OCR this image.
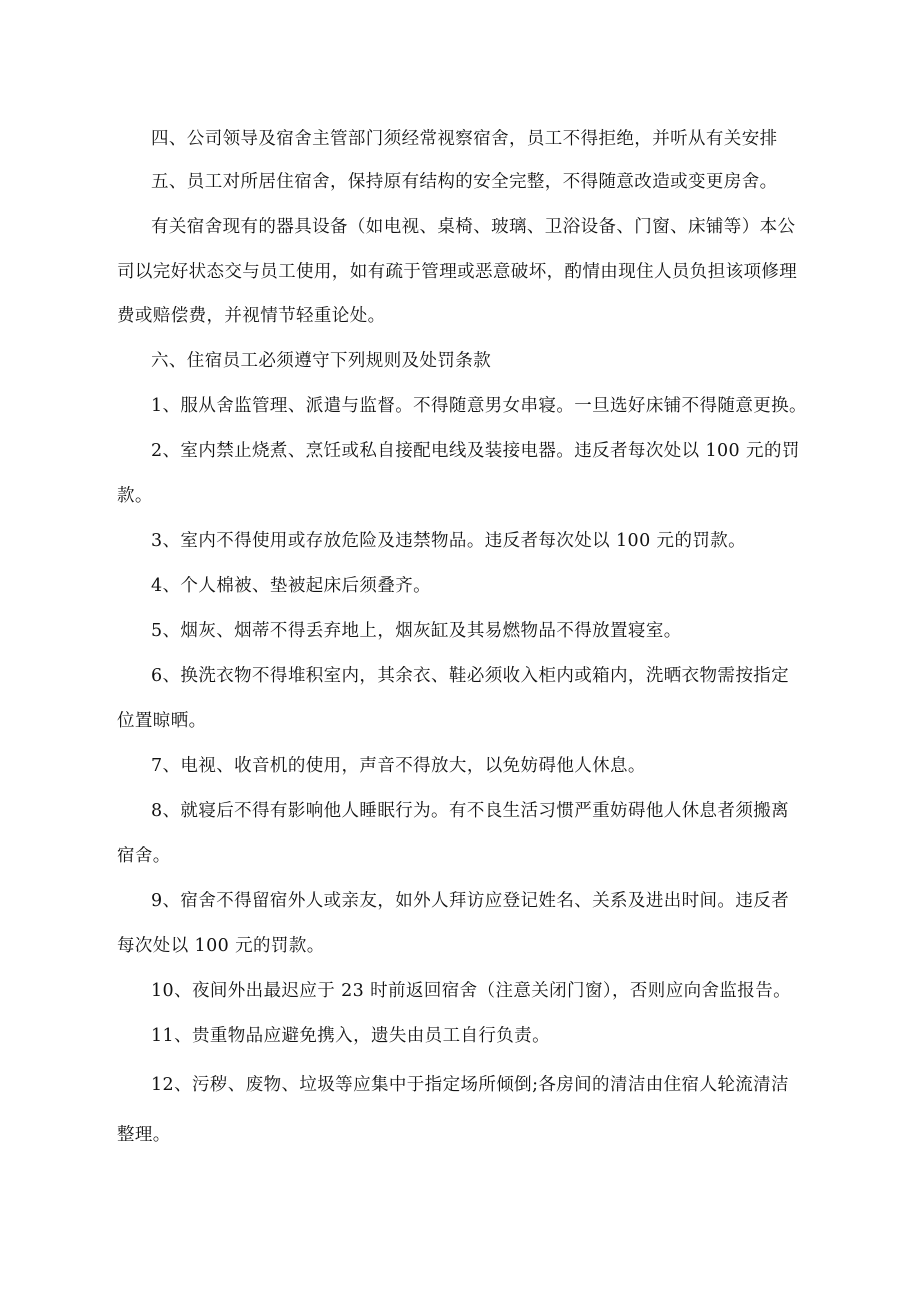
四、公司领导及宿舍主管部门须经常视察宿舍，员工不得拒绝，并听从有关安排
五、员工对所居住宿舍，保持原有结构的安全完整，不得随意改造或变更房舍。
有关宿舍现有的器具设备（如电视、桌椅、玻璃、卫浴设备、门窗、床铺等）本公
司以完好状态交与员工使用，如有疏于管理或恶意破坏，酌情由现住人员负担该项修理
费或赔偿费，并视情节轻重论处。
六、住宿员工必须遵守下列规则及处罚条款
1、服从舍监管理、派遣与监督。不得随意男女串寝。一旦选好床铺不得随意更换。
2、室内禁止烧煮、烹饪或私自接配电线及装接电器。违反者每次处以 100 元的罚
款。
3、室内不得使用或存放危险及违禁物品。违反者每次处以 100 元的罚款。
4、个人棉被、垫被起床后须叠齐。
5、烟灰、烟蒂不得丢弃地上，烟灰缸及其易燃物品不得放置寝室。
6、换洗衣物不得堆积室内，其余衣、鞋必须收入柜内或箱内，洗晒衣物需按指定
位置晾晒。
7、电视、收音机的使用，声音不得放大，以免妨碍他人休息。
8、就寝后不得有影响他人睡眠行为。有不良生活习惯严重妨碍他人休息者须搬离
宿舍。
9、宿舍不得留宿外人或亲友，如外人拜访应登记姓名、关系及进出时间。违反者
每次处以 100 元的罚款。
10、夜间外出最迟应于 23 时前返回宿舍（注意关闭门窗），否则应向舍监报告。
11、贵重物品应避免携入，遗失由员工自行负责。
12、污秽、废物、垃圾等应集中于指定场所倾倒;各房间的清洁由住宿人轮流清洁
整理。
